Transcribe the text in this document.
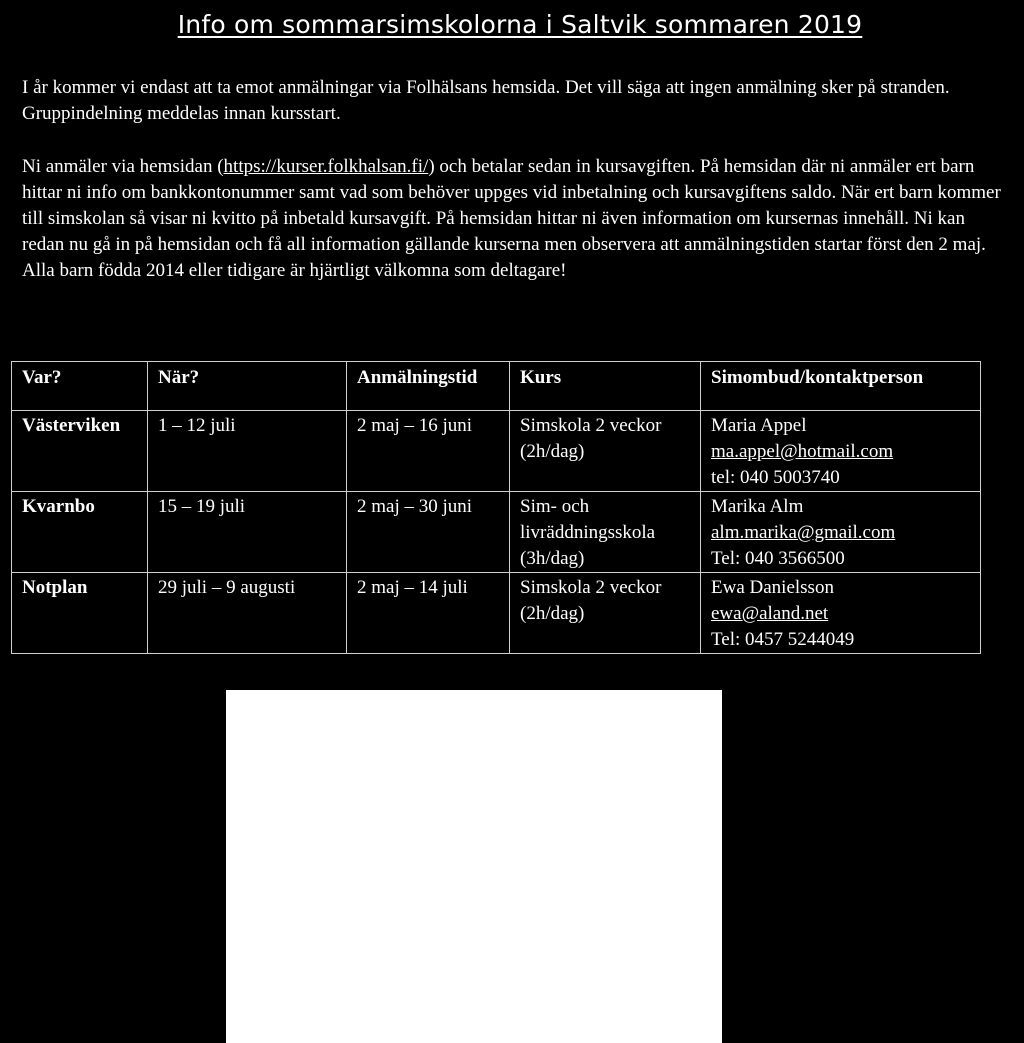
Info om sommarsimskolorna i Saltvik sommaren 2019

I år kommer vi endast att ta emot anmälningar via Folhälsans hemsida. Det vill säga att ingen anmälning sker på stranden. Gruppindelning meddelas innan kursstart.

Ni anmäler via hemsidan (https://kurser.folkhalsan.fi/) och betalar sedan in kursavgiften. På hemsidan där ni anmäler ert barn hittar ni info om bankkontonummer samt vad som behöver uppges vid inbetalning och kursavgiftens saldo. När ert barn kommer till simskolan så visar ni kvitto på inbetald kursavgift. På hemsidan hittar ni även information om kursernas innehåll. Ni kan redan nu gå in på hemsidan och få all information gällande kurserna men observera att anmälningstiden startar först den 2 maj.
Alla barn födda 2014 eller tidigare är hjärtligt välkomna som deltagare!

Var?	När?	Anmälningstid	Kurs	Simombud/kontaktperson
Västerviken	1 – 12 juli	2 maj – 16 juni	Simskola 2 veckor (2h/dag)	Maria Appel
ma.appel@hotmail.com
tel: 040 5003740

Kvarnbo	15 – 19 juli	2 maj – 30 juni	Sim- och livräddningsskola (3h/dag)	Marika Alm
alm.marika@gmail.com
Tel: 040 3566500

Notplan	29 juli – 9 augusti	2 maj – 14 juli	Simskola 2 veckor (2h/dag)	Ewa Danielsson
ewa@aland.net
Tel: 0457 5244049
